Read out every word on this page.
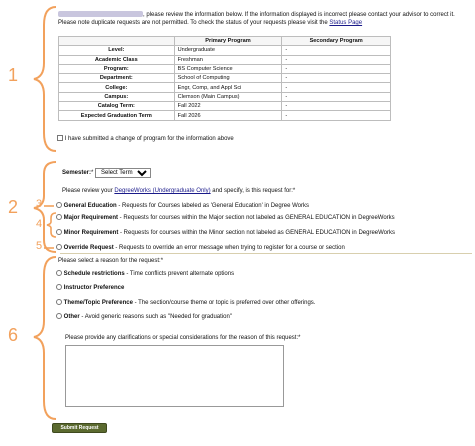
1
2
6
3
4
5
, please review the information below. If the information displayed is incorrect please contact your advisor to correct it.
Please note duplicate requests are not permitted. To check the status of your requests please visit the Status Page
	Primary Program	Secondary Program
Level:	Undergraduate	-
Academic Class	Freshman	-
Program:	BS Computer Science	-
Department:	School of Computing	-
College:	Engr, Comp, and Appl Sci	-
Campus:	Clemson (Main Campus)	-
Catalog Term:	Fall 2022	-
Expected Graduation Term	Fall 2026	-
I have submitted a change of program for the information above
Semester:*
Select Term
Please review your DegreeWorks (Undergraduate Only) and specify, is this request for:*
General Education - Requests for Courses labeled as 'General Education' in Degree Works
Major Requirement - Requests for courses within the Major section not labeled as GENERAL EDUCATION in DegreeWorks
Minor Requirement - Requests for courses within the Minor section not labeled as GENERAL EDUCATION in DegreeWorks
Override Request - Requests to override an error message when trying to register for a course or section
Please select a reason for the request:*
Schedule restrictions - Time conflicts prevent alternate options
Instructor Preference
Theme/Topic Preference - The section/course theme or topic is preferred over other offerings.
Other - Avoid generic reasons such as "Needed for graduation"
Please provide any clarifications or special considerations for the reason of this request:*
Submit Request
